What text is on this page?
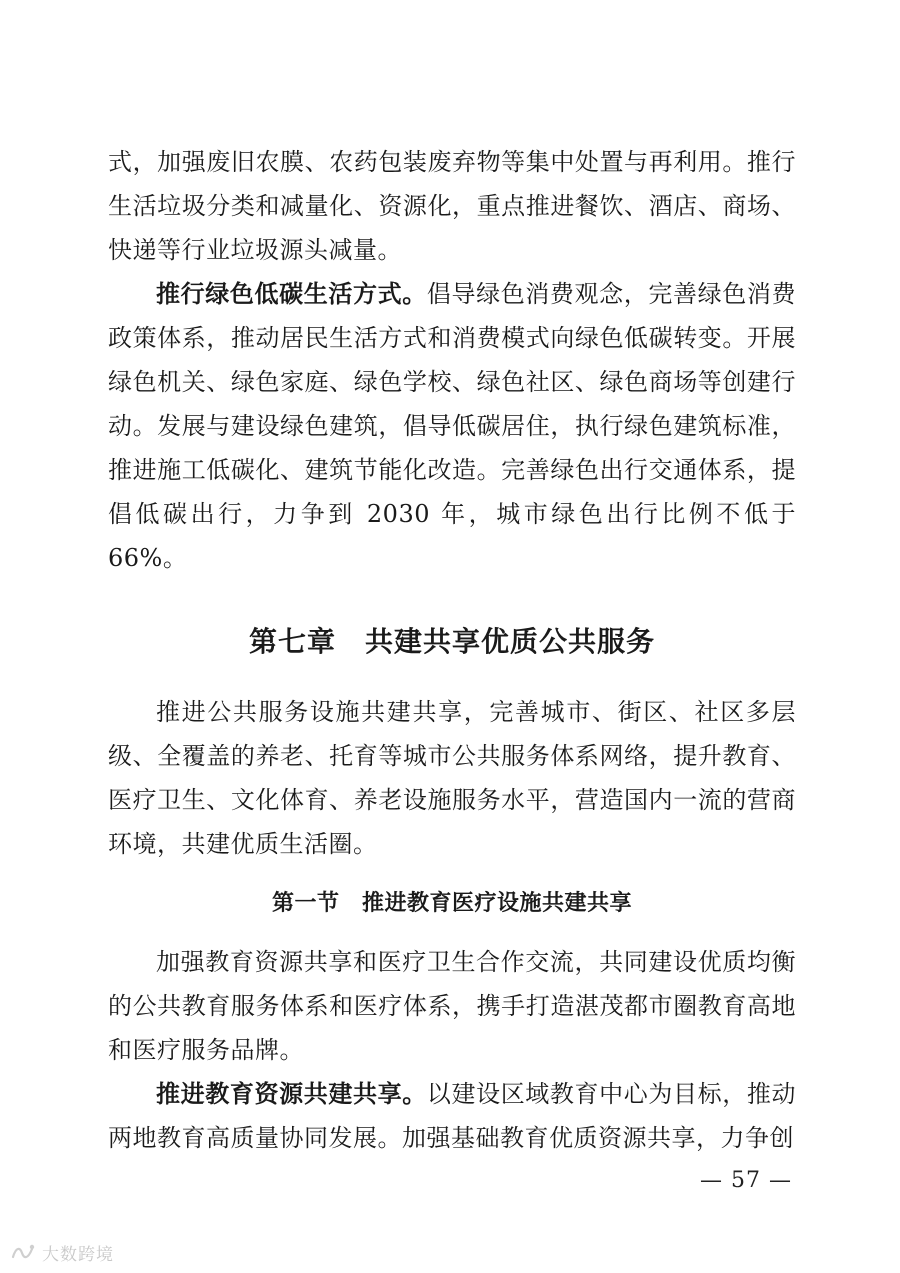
式，加强废旧农膜、农药包装废弃物等集中处置与再利用。推行生活垃圾分类和减量化、资源化，重点推进餐饮、酒店、商场、快递等行业垃圾源头减量。

推行绿色低碳生活方式。倡导绿色消费观念，完善绿色消费政策体系，推动居民生活方式和消费模式向绿色低碳转变。开展绿色机关、绿色家庭、绿色学校、绿色社区、绿色商场等创建行动。发展与建设绿色建筑，倡导低碳居住，执行绿色建筑标准，推进施工低碳化、建筑节能化改造。完善绿色出行交通体系，提倡低碳出行，力争到 2030 年，城市绿色出行比例不低于 66%。

第七章　共建共享优质公共服务

推进公共服务设施共建共享，完善城市、街区、社区多层级、全覆盖的养老、托育等城市公共服务体系网络，提升教育、医疗卫生、文化体育、养老设施服务水平，营造国内一流的营商环境，共建优质生活圈。

第一节　推进教育医疗设施共建共享

加强教育资源共享和医疗卫生合作交流，共同建设优质均衡的公共教育服务体系和医疗体系，携手打造湛茂都市圈教育高地和医疗服务品牌。

推进教育资源共建共享。以建设区域教育中心为目标，推动两地教育高质量协同发展。加强基础教育优质资源共享，力争创

— 57 —
大数跨境
